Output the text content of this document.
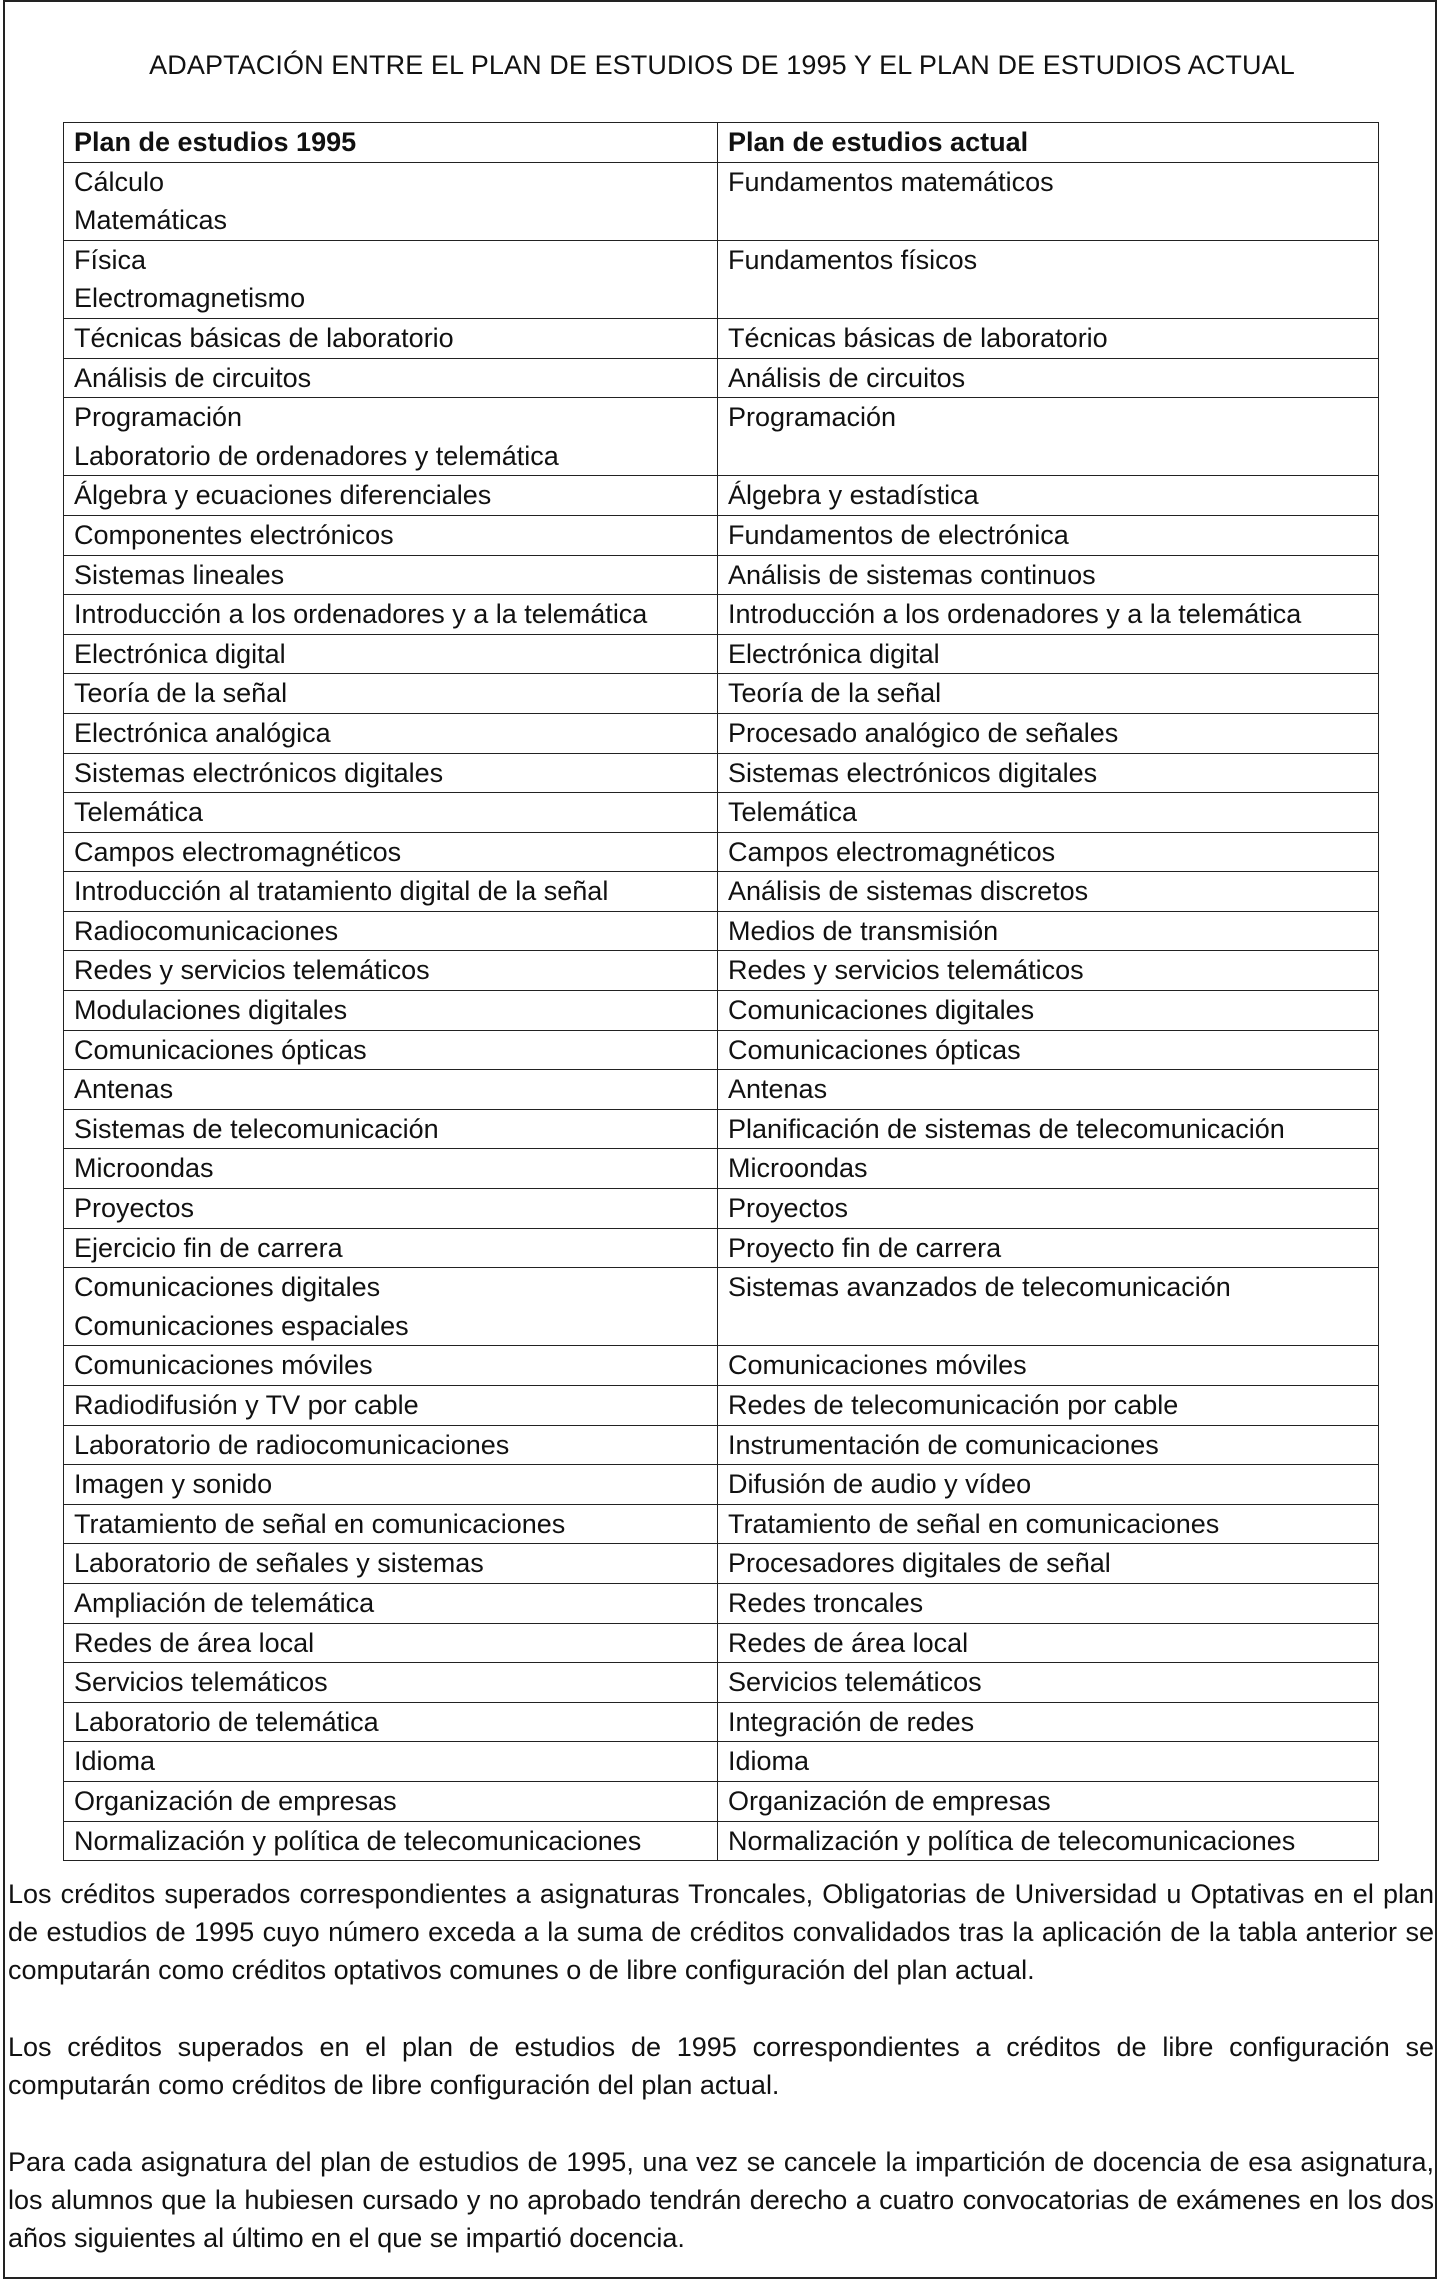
ADAPTACIÓN ENTRE EL PLAN DE ESTUDIOS DE 1995 Y EL PLAN DE ESTUDIOS ACTUAL
Plan de estudios 1995	Plan de estudios actual

Cálculo
Matemáticas	Fundamentos matemáticos

Física
Electromagnetismo	Fundamentos físicos

Técnicas básicas de laboratorio	Técnicas básicas de laboratorio

Análisis de circuitos	Análisis de circuitos

Programación
Laboratorio de ordenadores y telemática	Programación

Álgebra y ecuaciones diferenciales	Álgebra y estadística

Componentes electrónicos	Fundamentos de electrónica

Sistemas lineales	Análisis de sistemas continuos

Introducción a los ordenadores y a la telemática	Introducción a los ordenadores y a la telemática

Electrónica digital	Electrónica digital

Teoría de la señal	Teoría de la señal

Electrónica analógica	Procesado analógico de señales

Sistemas electrónicos digitales	Sistemas electrónicos digitales

Telemática	Telemática

Campos electromagnéticos	Campos electromagnéticos

Introducción al tratamiento digital de la señal	Análisis de sistemas discretos

Radiocomunicaciones	Medios de transmisión

Redes y servicios telemáticos	Redes y servicios telemáticos

Modulaciones digitales	Comunicaciones digitales

Comunicaciones ópticas	Comunicaciones ópticas

Antenas	Antenas

Sistemas de telecomunicación	Planificación de sistemas de telecomunicación

Microondas	Microondas

Proyectos	Proyectos

Ejercicio fin de carrera	Proyecto fin de carrera

Comunicaciones digitales
Comunicaciones espaciales	Sistemas avanzados de telecomunicación

Comunicaciones móviles	Comunicaciones móviles

Radiodifusión y TV por cable	Redes de telecomunicación por cable

Laboratorio de radiocomunicaciones	Instrumentación de comunicaciones

Imagen y sonido	Difusión de audio y vídeo

Tratamiento de señal en comunicaciones	Tratamiento de señal en comunicaciones

Laboratorio de señales y sistemas	Procesadores digitales de señal

Ampliación de telemática	Redes troncales

Redes de área local	Redes de área local

Servicios telemáticos	Servicios telemáticos

Laboratorio de telemática	Integración de redes

Idioma	Idioma

Organización de empresas	Organización de empresas

Normalización y política de telecomunicaciones	Normalización y política de telecomunicaciones

Los créditos superados correspondientes a asignaturas Troncales, Obligatorias de Universidad u Optativas en el plan de estudios de 1995 cuyo número exceda a la suma de créditos convalidados tras la aplicación de la tabla anterior se computarán como créditos optativos comunes o de libre configuración del plan actual.

Los créditos superados en el plan de estudios de 1995 correspondientes a créditos de libre configuración se computarán como créditos de libre configuración del plan actual.

Para cada asignatura del plan de estudios de 1995, una vez se cancele la impartición de docencia de esa asignatura, los alumnos que la hubiesen cursado y no aprobado tendrán derecho a cuatro convocatorias de exámenes en los dos años siguientes al último en el que se impartió docencia.
